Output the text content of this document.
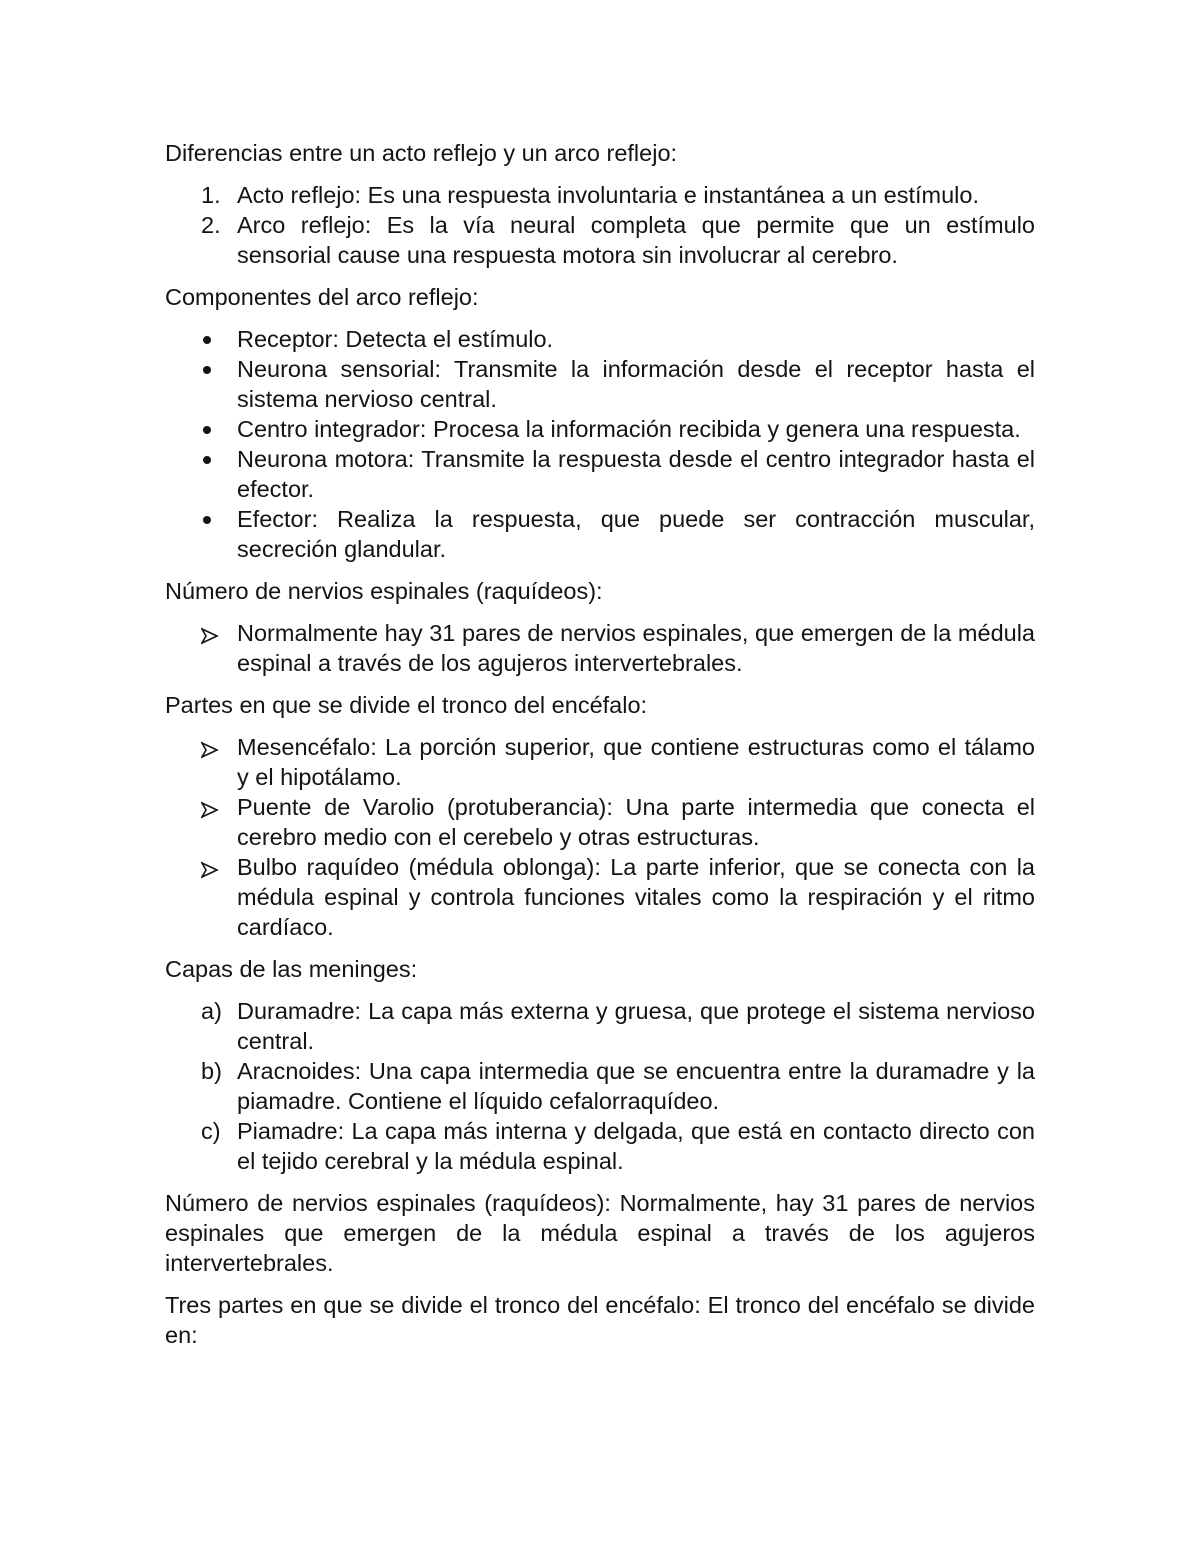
Diferencias entre un acto reflejo y un arco reflejo:

1. Acto reflejo: Es una respuesta involuntaria e instantánea a un estímulo.
2. Arco reflejo: Es la vía neural completa que permite que un estímulo sensorial cause una respuesta motora sin involucrar al cerebro.

Componentes del arco reflejo:

Receptor: Detecta el estímulo.
Neurona sensorial: Transmite la información desde el receptor hasta el sistema nervioso central.
Centro integrador: Procesa la información recibida y genera una respuesta.
Neurona motora: Transmite la respuesta desde el centro integrador hasta el efector.
Efector: Realiza la respuesta, que puede ser contracción muscular, secreción glandular.

Número de nervios espinales (raquídeos):

Normalmente hay 31 pares de nervios espinales, que emergen de la médula espinal a través de los agujeros intervertebrales.

Partes en que se divide el tronco del encéfalo:

Mesencéfalo: La porción superior, que contiene estructuras como el tálamo y el hipotálamo.
Puente de Varolio (protuberancia): Una parte intermedia que conecta el cerebro medio con el cerebelo y otras estructuras.
Bulbo raquídeo (médula oblonga): La parte inferior, que se conecta con la médula espinal y controla funciones vitales como la respiración y el ritmo cardíaco.

Capas de las meninges:

a) Duramadre: La capa más externa y gruesa, que protege el sistema nervioso central.
b) Aracnoides: Una capa intermedia que se encuentra entre la duramadre y la piamadre. Contiene el líquido cefalorraquídeo.
c) Piamadre: La capa más interna y delgada, que está en contacto directo con el tejido cerebral y la médula espinal.

Número de nervios espinales (raquídeos): Normalmente, hay 31 pares de nervios espinales que emergen de la médula espinal a través de los agujeros intervertebrales.

Tres partes en que se divide el tronco del encéfalo: El tronco del encéfalo se divide en:
